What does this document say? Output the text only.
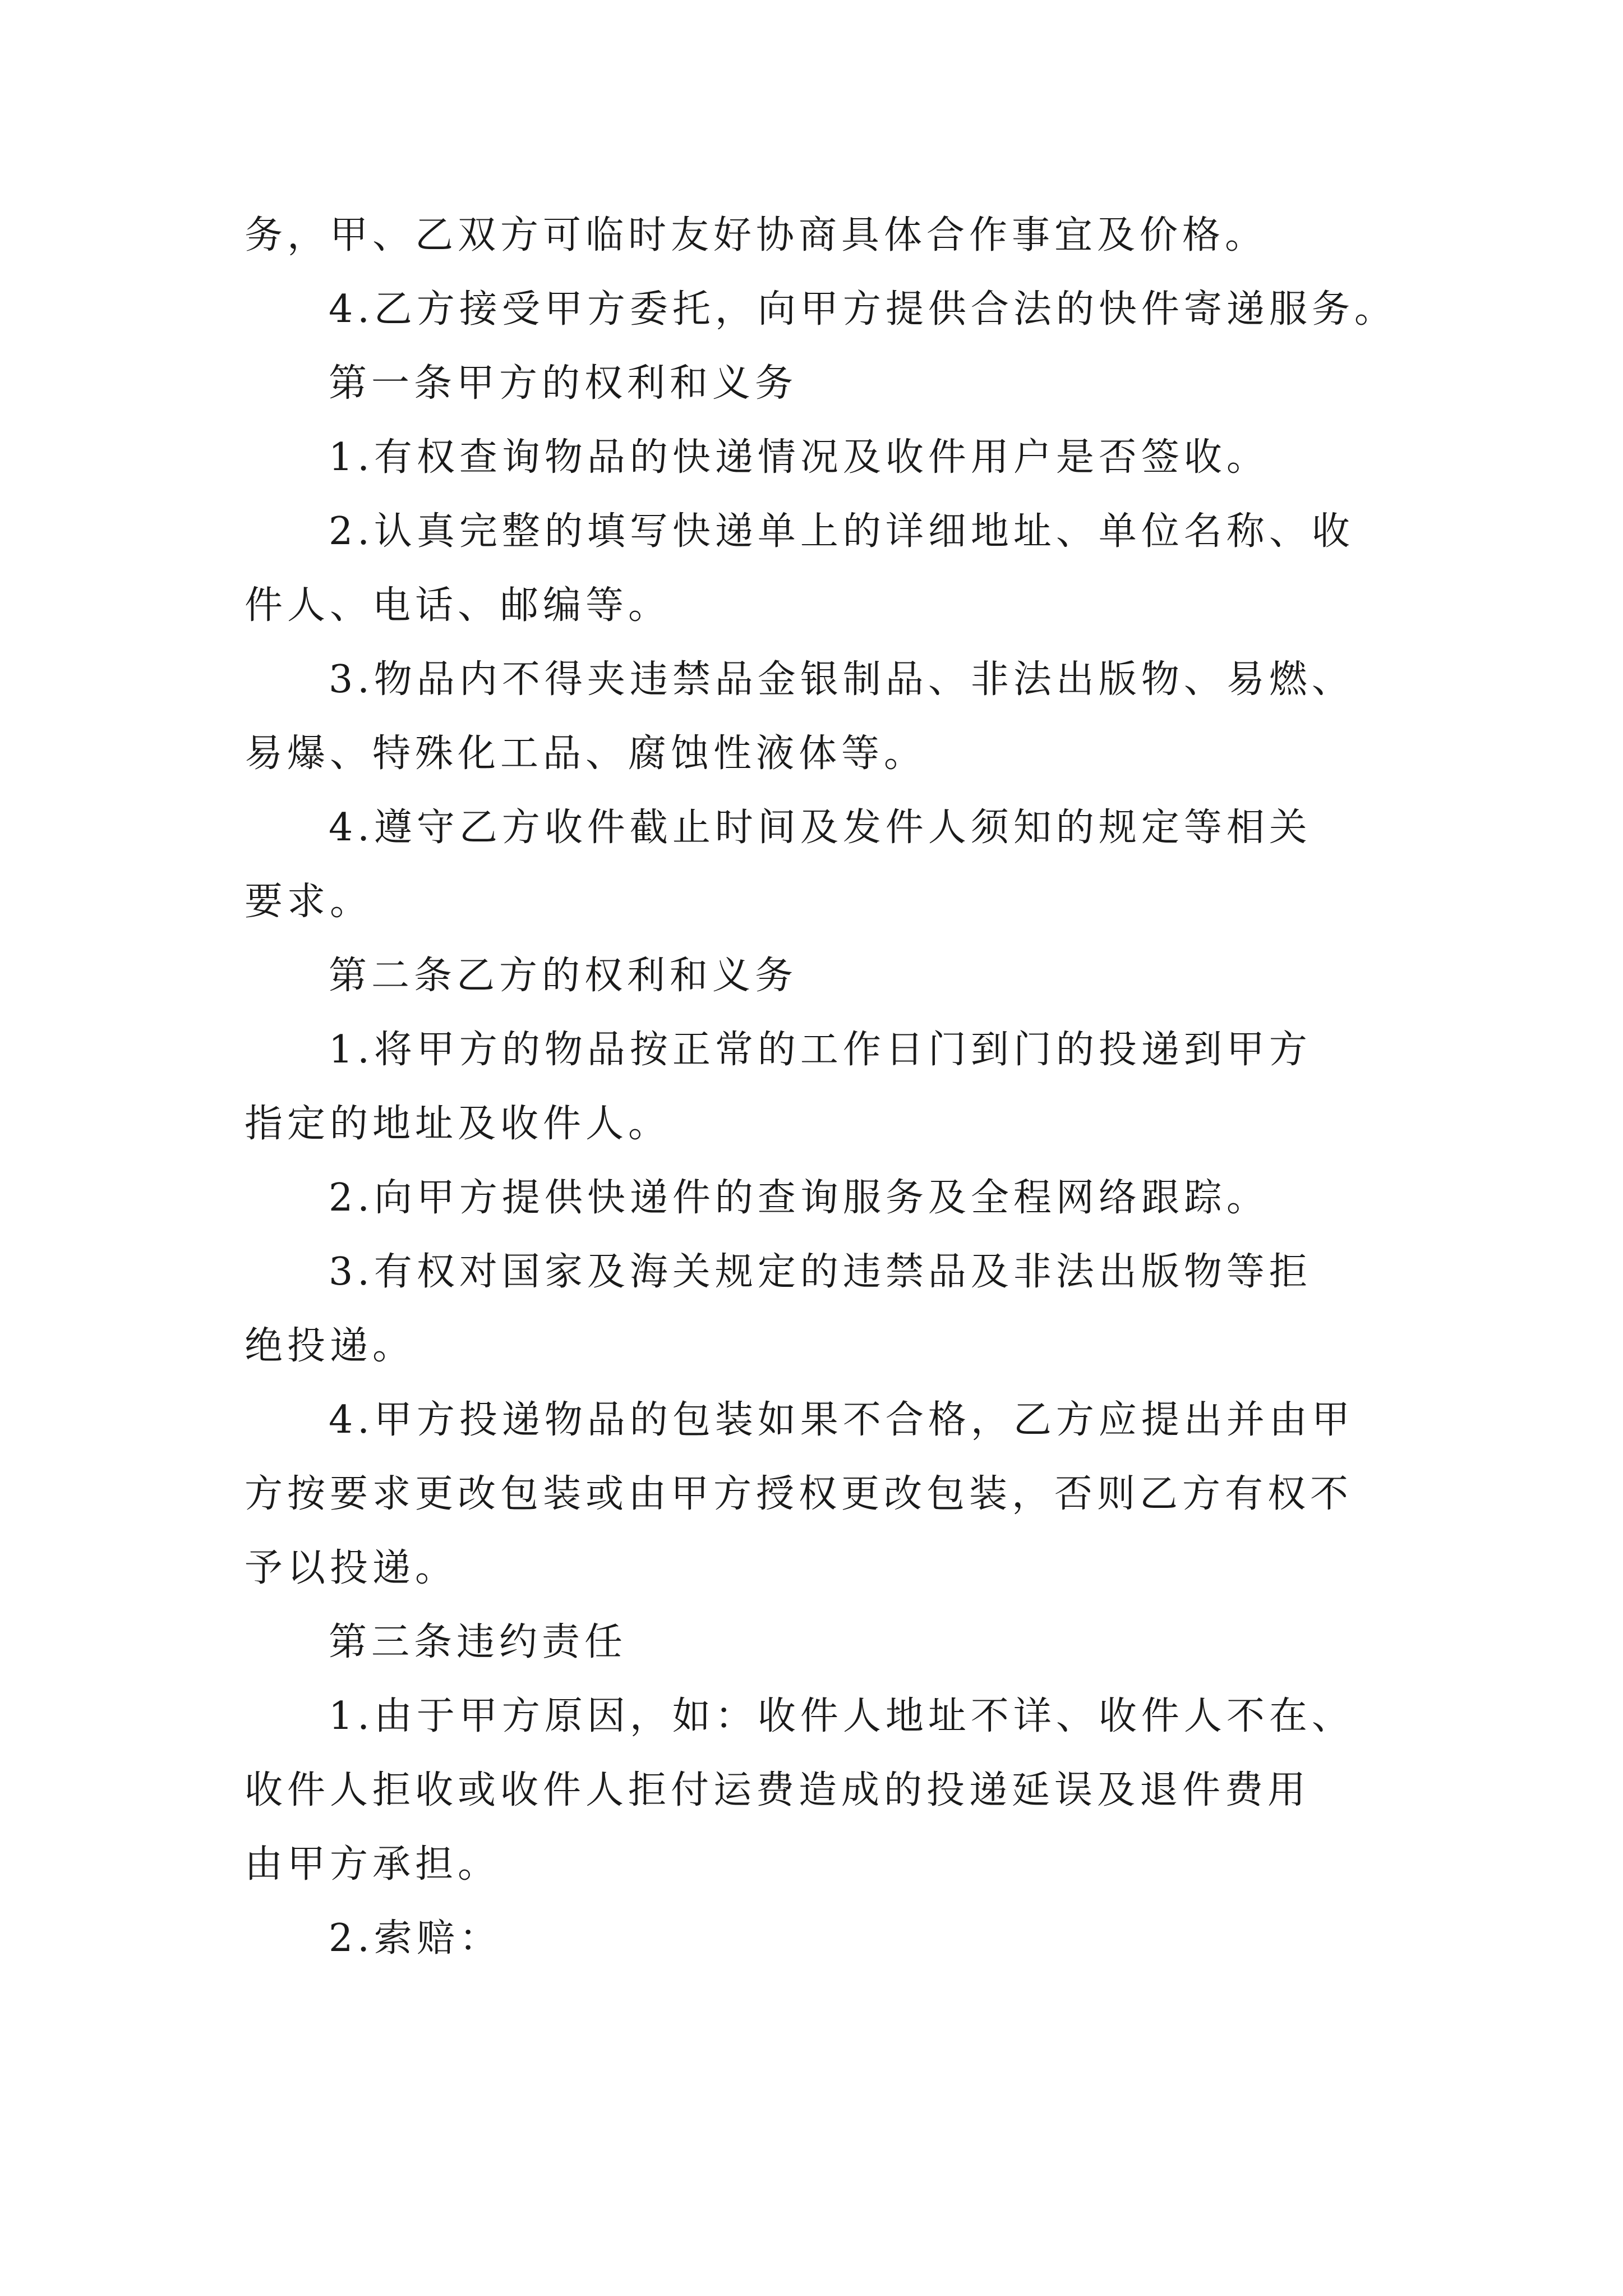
务，甲、乙双方可临时友好协商具体合作事宜及价格。
4.乙方接受甲方委托，向甲方提供合法的快件寄递服务。
第一条甲方的权利和义务
1.有权查询物品的快递情况及收件用户是否签收。
2.认真完整的填写快递单上的详细地址、单位名称、收
件人、电话、邮编等。
3.物品内不得夹违禁品金银制品、非法出版物、易燃、
易爆、特殊化工品、腐蚀性液体等。
4.遵守乙方收件截止时间及发件人须知的规定等相关
要求。
第二条乙方的权利和义务
1.将甲方的物品按正常的工作日门到门的投递到甲方
指定的地址及收件人。
2.向甲方提供快递件的查询服务及全程网络跟踪。
3.有权对国家及海关规定的违禁品及非法出版物等拒
绝投递。
4.甲方投递物品的包装如果不合格，乙方应提出并由甲
方按要求更改包装或由甲方授权更改包装，否则乙方有权不
予以投递。
第三条违约责任
1.由于甲方原因，如：收件人地址不详、收件人不在、
收件人拒收或收件人拒付运费造成的投递延误及退件费用
由甲方承担。
2.索赔：
